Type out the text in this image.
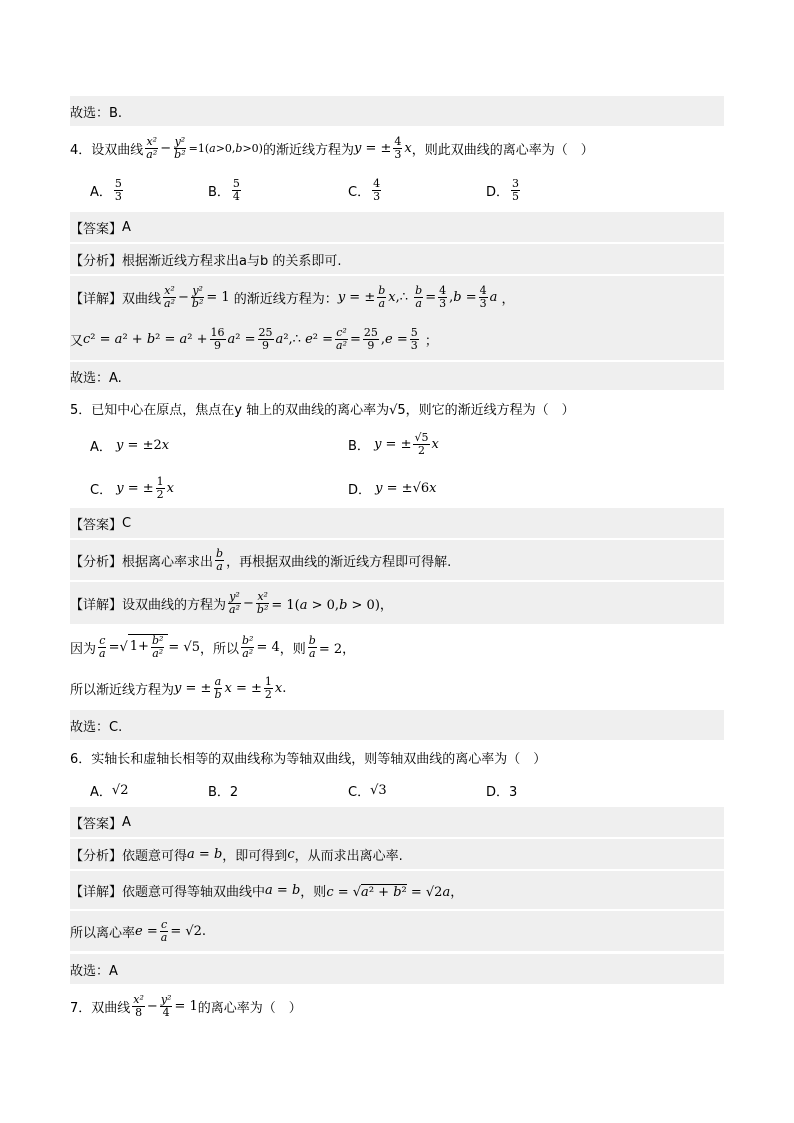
故选：B.
4．设双曲线 $\frac{\text{x²}}{\text{a²}} - \frac{\text{y²}}{\text{b²}} =1(a>0,b>0)$ 的渐近线方程为 y = ± $\frac{4}{3}$ x ，则此双曲线的离心率为（　）
A． $\frac{5}{3}$	B． $\frac{5}{4}$	C． $\frac{4}{3}$	D． $\frac{3}{5}$
【答案】 A
【分析】 根据渐近线方程求出a与b 的关系即可.
【详解】 双曲线 $\frac{\text{x²}}{\text{a²}} - \frac{\text{y²}}{\text{b²}} = 1$ 的渐近线方程为： y = ± $\frac{b}{a}$ x,∴ $\frac{b}{a} = \frac{4}{3} ,b = \frac{4}{3}$ a ，
又 $c^2 = a^2 + b^2 = a^2 + \frac{16}{9} a^2 = \frac{25}{9}$ a²,∴ $e^2 = \frac{\text{c²}}{\text{a²}} = \frac{25}{9} ,e = \frac{5}{3}$ ；
故选：A.
5．已知中心在原点，焦点在y 轴上的双曲线的离心率为√5，则它的渐近线方程为（　）
A． y = ±2x	B． y = ± $\frac{√5}{2}$ x
C． y = ± $\frac{1}{2}$ x	D． y = ±√6x
【答案】 C
【分析】 根据离心率求出 $\frac{b}{a}$ ，再根据双曲线的渐近线方程即可得解.
【详解】 设双曲线的方程为 $\frac{\text{y²}}{\text{a²}} - \frac{\text{x²}}{\text{b²}} = 1(a > 0,b > 0)$，
因为 $\frac{c}{a}$ = √ $1+ \frac{\text{b²}}{\text{a²}} = √5$ ，所以 $\frac{\text{b²}}{\text{a²}} = 4$ ，则 $\frac{b}{a} = 2$，
所以渐近线方程为 y = ± $\frac{a}{b}$ x = ± $\frac{1}{2} x$.
故选：C.
6．实轴长和虚轴长相等的双曲线称为等轴双曲线，则等轴双曲线的离心率为（　）
A． √2	B．2	C． √3	D．3
【答案】 A
【分析】 依题意可得 a = b ，即可得到 c ，从而求出离心率.
【详解】 依题意可得等轴双曲线中 a = b ，则 c = √a² + b² = √2a，
所以离心率 $e = \frac{c}{a} = √2$.
故选：A
7．双曲线 $\frac{\text{x²}}{8} - \frac{\text{y²}}{4} = 1$ 的离心率为（　）
